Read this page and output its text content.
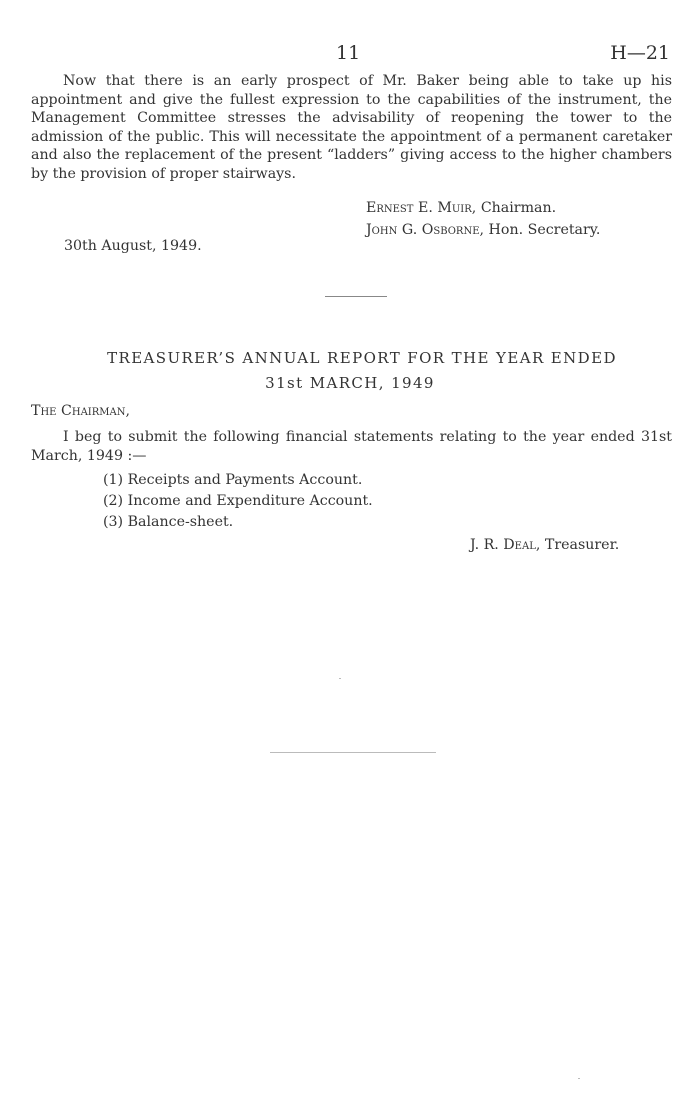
11	H—21

Now that there is an early prospect of Mr. Baker being able to take up his appointment and give the fullest expression to the capabilities of the instrument, the Management Committee stresses the advisability of reopening the tower to the admission of the public. This will necessitate the appointment of a permanent caretaker and also the replacement of the present “ladders” giving access to the higher chambers by the provision of proper stairways.

Ernest E. Muir, Chairman.
John G. Osborne, Hon. Secretary.
30th August, 1949.
TREASURER’S ANNUAL REPORT FOR THE YEAR ENDED
31st MARCH, 1949
The Chairman,

I beg to submit the following financial statements relating to the year ended 31st March, 1949 :—

(1) Receipts and Payments Account.
(2) Income and Expenditure Account.
(3) Balance-sheet.
J. R. Deal, Treasurer.
